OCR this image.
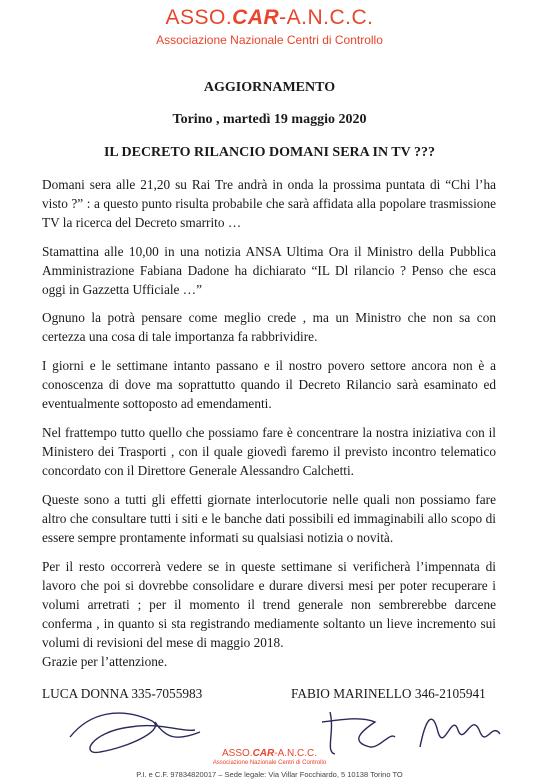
ASSO.CAR-A.N.C.C.
Associazione Nazionale Centri di Controllo
AGGIORNAMENTO
Torino , martedì 19 maggio 2020
IL DECRETO RILANCIO DOMANI SERA IN TV ???

Domani sera alle 21,20 su Rai Tre andrà in onda la prossima puntata di “Chi l’ha visto ?” : a questo punto risulta probabile che sarà affidata alla popolare trasmissione TV la ricerca del Decreto smarrito …

Stamattina alle 10,00 in una notizia ANSA Ultima Ora il Ministro della Pubblica Amministrazione Fabiana Dadone ha dichiarato “IL Dl rilancio ? Penso che esca oggi in Gazzetta Ufficiale …”

Ognuno la potrà pensare come meglio crede , ma un Ministro che non sa con certezza una cosa di tale importanza fa rabbrividire.

I giorni e le settimane intanto passano e il nostro povero settore ancora non è a conoscenza di dove ma soprattutto quando il Decreto Rilancio sarà esaminato ed eventualmente sottoposto ad emendamenti.

Nel frattempo tutto quello che possiamo fare è concentrare la nostra iniziativa con il Ministero dei Trasporti , con il quale giovedì faremo il previsto incontro telematico concordato con il Direttore Generale Alessandro Calchetti.

Queste sono a tutti gli effetti giornate interlocutorie nelle quali non possiamo fare altro che consultare tutti i siti e le banche dati possibili ed immaginabili allo scopo di essere sempre prontamente informati su qualsiasi notizia o novità.

Per il resto occorrerà vedere se in queste settimane si verificherà l’impennata di lavoro che poi si dovrebbe consolidare e durare diversi mesi per poter recuperare i volumi arretrati ; per il momento il trend generale non sembrerebbe darcene conferma , in quanto si sta registrando mediamente soltanto un lieve incremento sui volumi di revisioni del mese di maggio 2018.

Grazie per l’attenzione.
LUCA DONNA 335-7055983	FABIO MARINELLO 346-2105941
ASSO.CAR-A.N.C.C.
Associazione Nazionale Centri di Controllo
P.I. e C.F. 97834820017 – Sede legale: Via Villar Focchiardo, 5 10138 Torino TO
